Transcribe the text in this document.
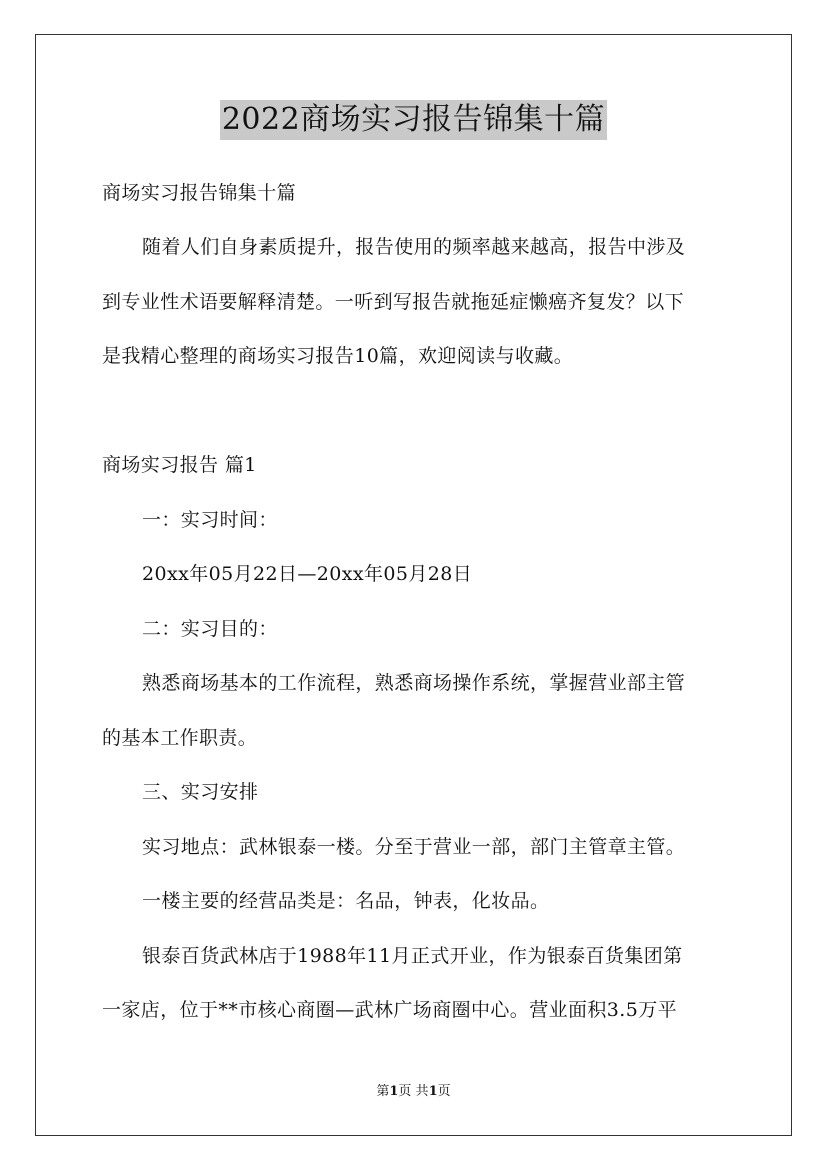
2022商场实习报告锦集十篇
商场实习报告锦集十篇
随着人们自身素质提升，报告使用的频率越来越高，报告中涉及
到专业性术语要解释清楚。一听到写报告就拖延症懒癌齐复发？以下
是我精心整理的商场实习报告10篇，欢迎阅读与收藏。
商场实习报告 篇1
一：实习时间：
20xx年05月22日—20xx年05月28日
二：实习目的：
熟悉商场基本的工作流程，熟悉商场操作系统，掌握营业部主管
的基本工作职责。
三、实习安排
实习地点：武林银泰一楼。分至于营业一部，部门主管章主管。
一楼主要的经营品类是：名品，钟表，化妆品。
银泰百货武林店于1988年11月正式开业，作为银泰百货集团第
一家店，位于**市核心商圈—武林广场商圈中心。营业面积3.5万平
第1页 共1页
